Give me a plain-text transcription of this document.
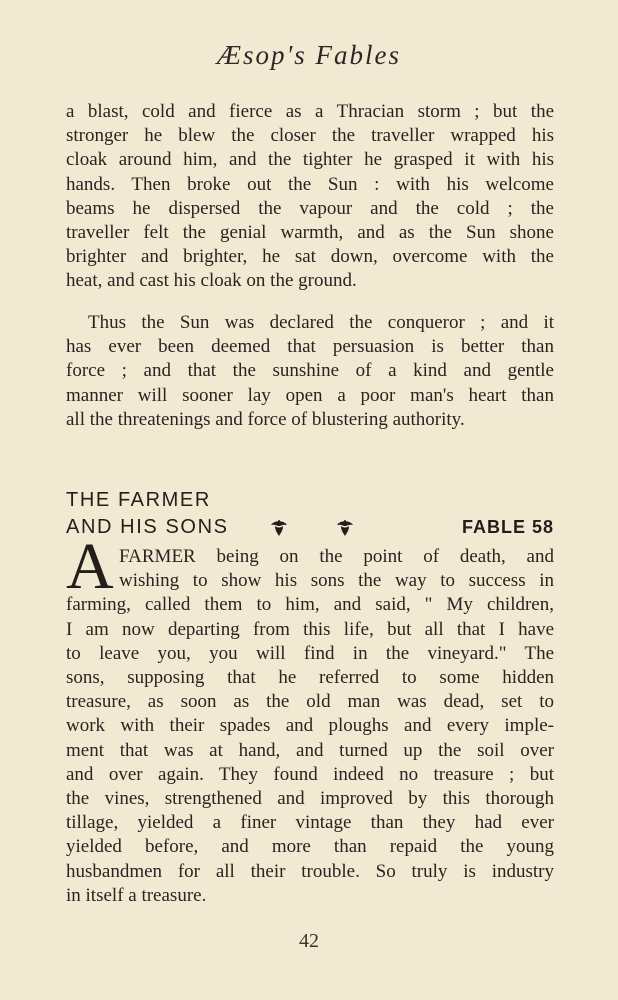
Æsop's Fables
a blast, cold and fierce as a Thracian storm ; but the
stronger he blew the closer the traveller wrapped his
cloak around him, and the tighter he grasped it with his
hands. Then broke out the Sun : with his welcome
beams he dispersed the vapour and the cold ; the
traveller felt the genial warmth, and as the Sun shone
brighter and brighter, he sat down, overcome with the
heat, and cast his cloak on the ground.
Thus the Sun was declared the conqueror ; and it
has ever been deemed that persuasion is better than
force ; and that the sunshine of a kind and gentle
manner will sooner lay open a poor man's heart than
all the threatenings and force of blustering authority.
THE FARMER
AND HIS SONS	FABLE 58
A FARMER being on the point of death, and
wishing to show his sons the way to success in
farming, called them to him, and said, " My children,
I am now departing from this life, but all that I have
to leave you, you will find in the vineyard." The
sons, supposing that he referred to some hidden
treasure, as soon as the old man was dead, set to
work with their spades and ploughs and every imple-
ment that was at hand, and turned up the soil over
and over again. They found indeed no treasure ; but
the vines, strengthened and improved by this thorough
tillage, yielded a finer vintage than they had ever
yielded before, and more than repaid the young
husbandmen for all their trouble. So truly is industry
in itself a treasure.
42
